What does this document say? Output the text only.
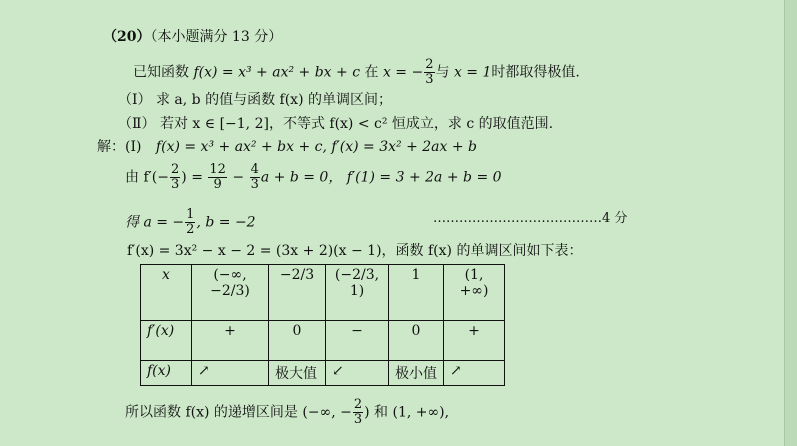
（20）（本小题满分 13 分）
已知函数 f(x) = x³ + ax² + bx + c 在 x = − $\frac{2}{3}$ 与 x = 1时都取得极值.
（Ⅰ） 求 a, b 的值与函数 f(x) 的单调区间；
（Ⅱ） 若对 x ∈ [−1, 2]，不等式 f(x) < c² 恒成立，求 c 的取值范围.
解：(Ⅰ) f(x) = x³ + ax² + bx + c, f′(x) = 3x² + 2ax + b
由 $f'(- \frac{2}{3}$ ) = $\frac{12}{9} - \frac{4}{3}$ a + b = 0， f′(1) = 3 + 2a + b = 0
得 a = − $\frac{1}{2}$ , b = −2	…………………………………4 分
f′(x) = 3x² − x − 2 = (3x + 2)(x − 1)，函数 f(x) 的单调区间如下表：
x	(−∞, −2/3)	−2/3	(−2/3, 1)	1	(1, +∞)
f′(x)	+	0	−	0	+
f(x)	↗	极大值	↙	极小值	↗
所以函数 f(x) 的递增区间是 (−∞, − $\frac{2}{3}$ ) 和 (1, +∞),
